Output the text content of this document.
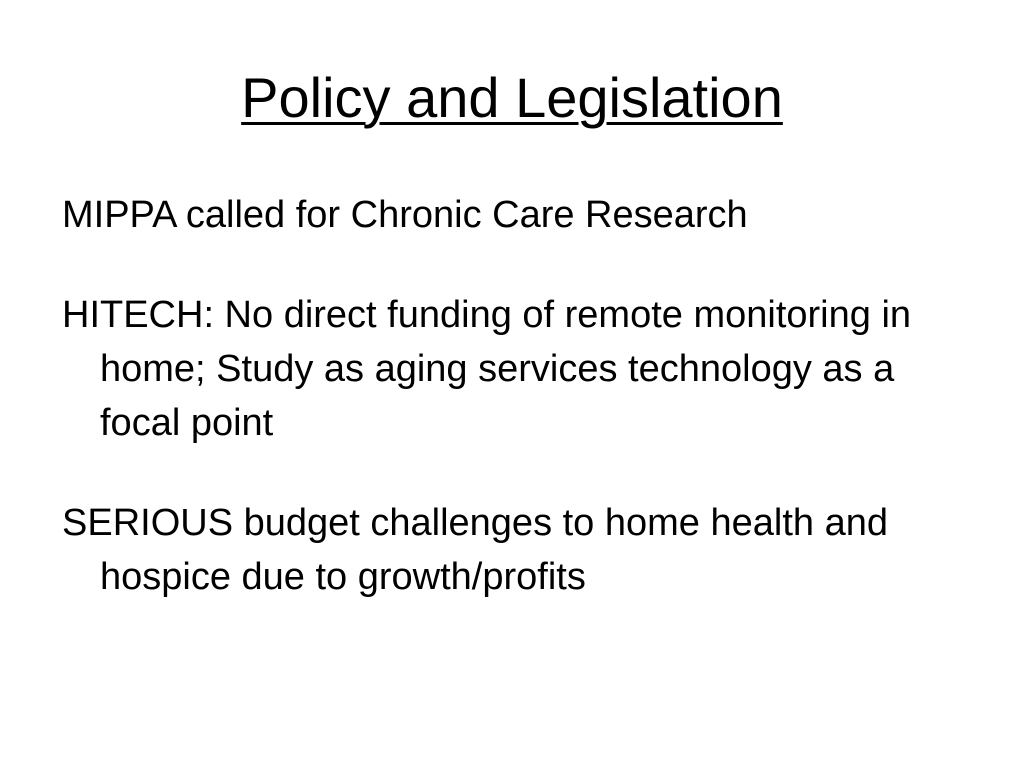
Policy and Legislation
MIPPA called for Chronic Care Research
HITECH: No direct funding of remote monitoring in home; Study as aging services technology as a focal point
SERIOUS budget challenges to home health and hospice due to growth/profits
